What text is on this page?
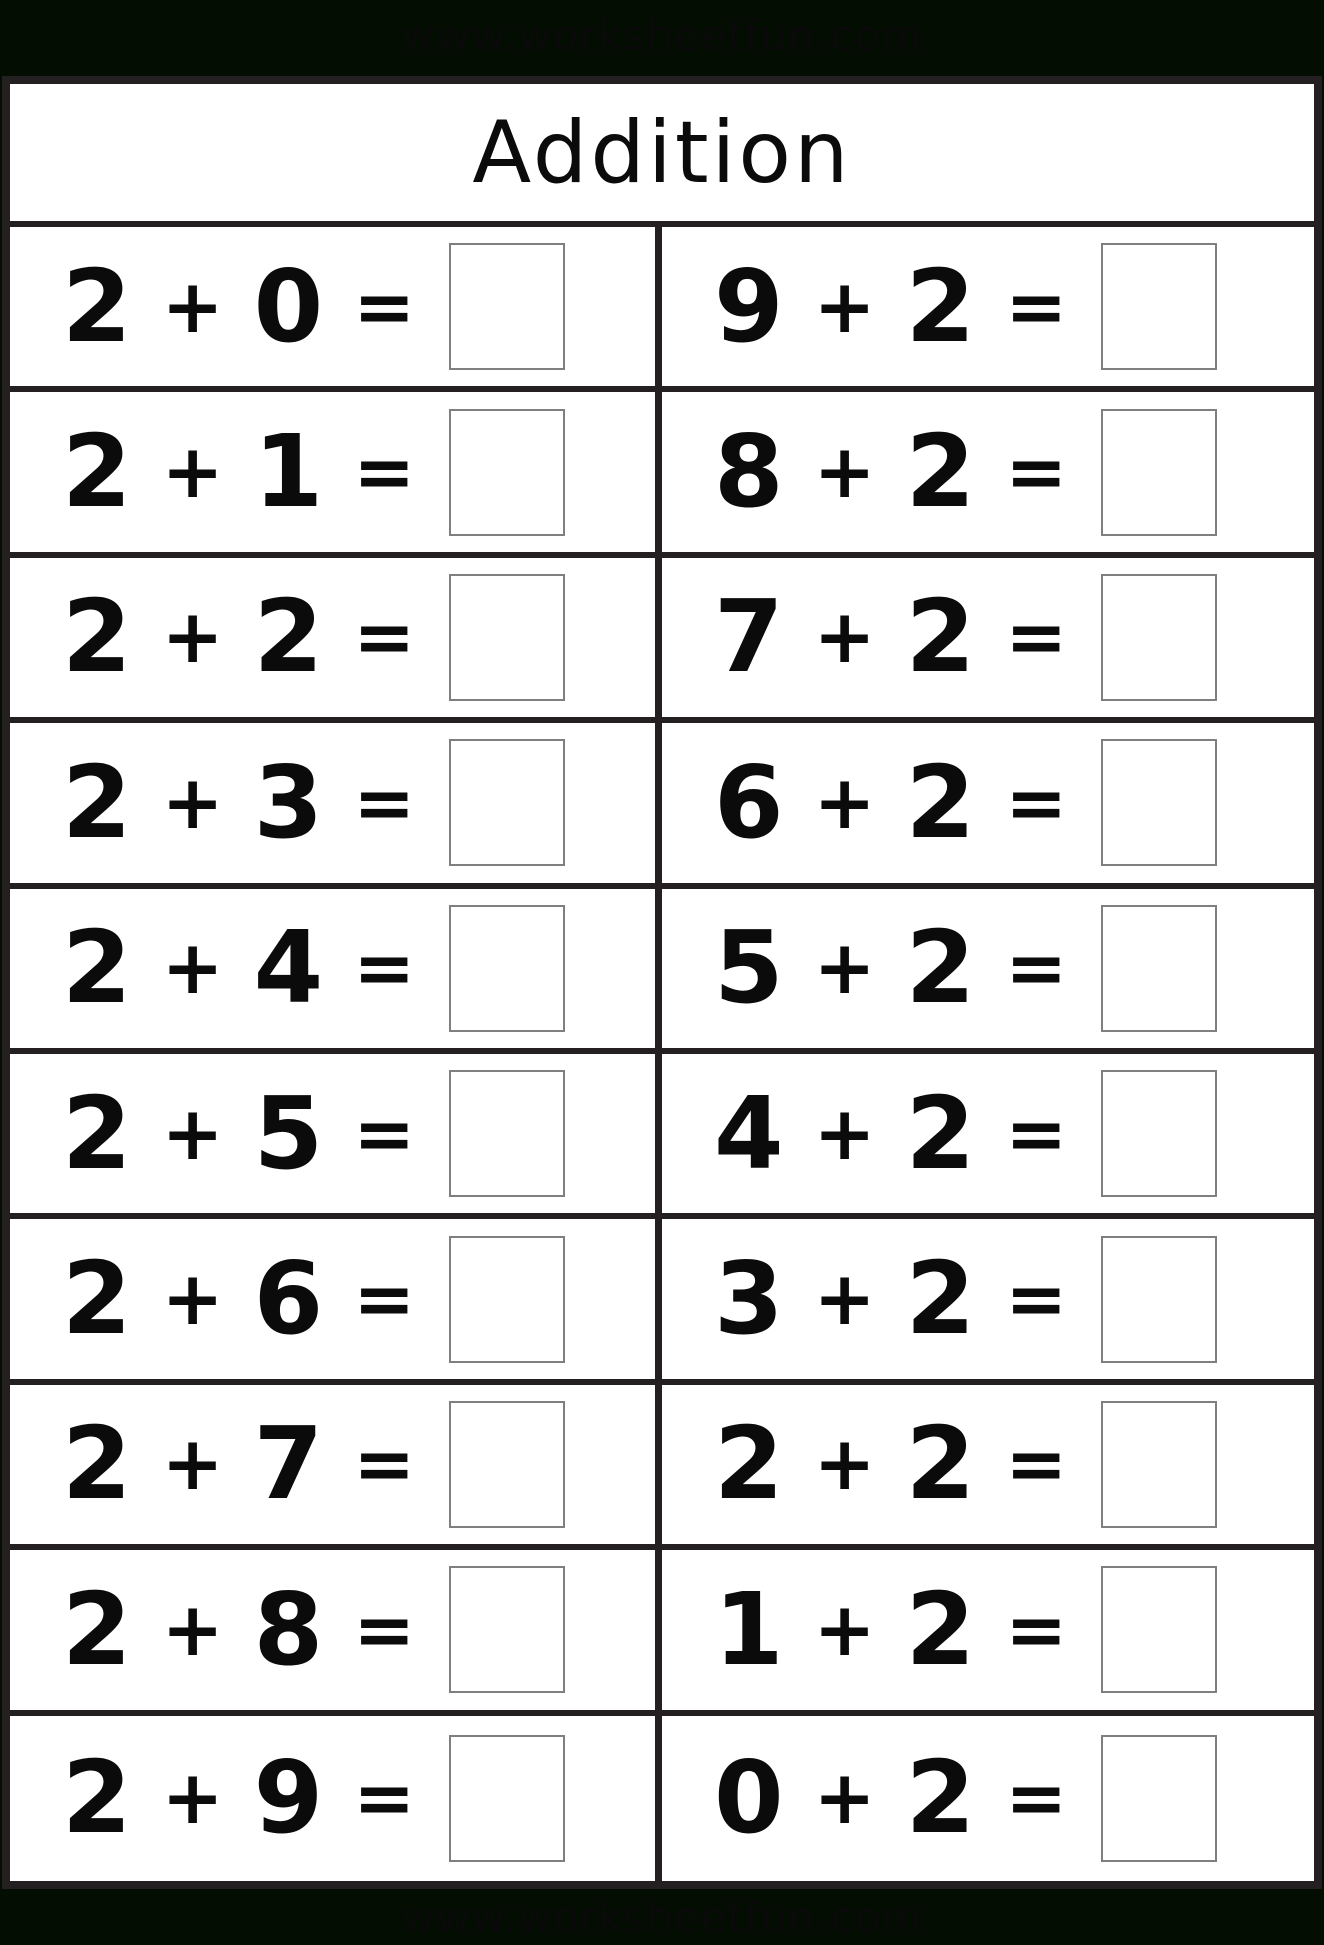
www.worksheetfun.com
Addition
2 + 0 =	9 + 2 =
2 + 1 =	8 + 2 =
2 + 2 =	7 + 2 =
2 + 3 =	6 + 2 =
2 + 4 =	5 + 2 =
2 + 5 =	4 + 2 =
2 + 6 =	3 + 2 =
2 + 7 =	2 + 2 =
2 + 8 =	1 + 2 =
2 + 9 =	0 + 2 =
www.worksheetfun.com
